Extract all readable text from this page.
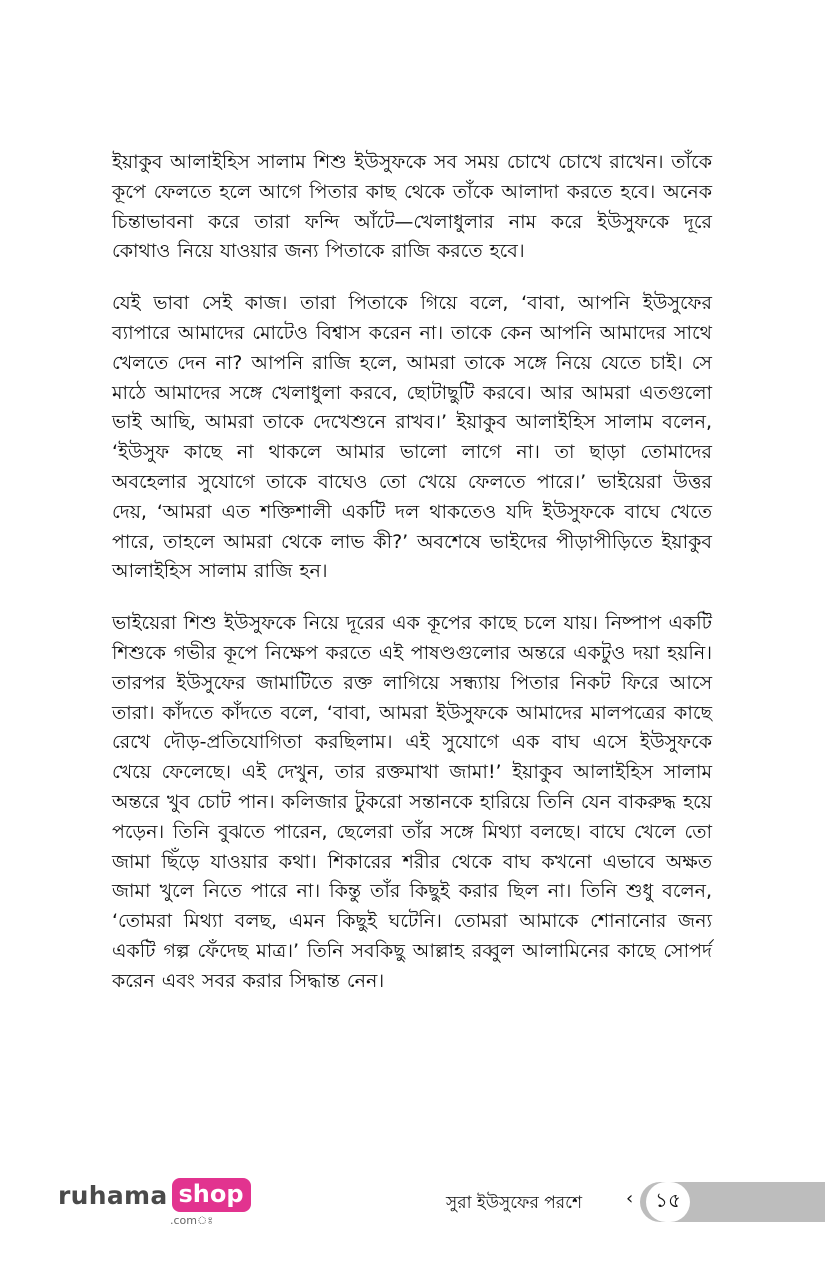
ইয়াকুব আলাইহিস সালাম শিশু ইউসুফকে সব সময় চোখে চোখে রাখেন। তাঁকে কূপে ফেলতে হলে আগে পিতার কাছ থেকে তাঁকে আলাদা করতে হবে। অনেক চিন্তাভাবনা করে তারা ফন্দি আঁটে—খেলাধুলার নাম করে ইউসুফকে দূরে কোথাও নিয়ে যাওয়ার জন্য পিতাকে রাজি করতে হবে।

যেই ভাবা সেই কাজ। তারা পিতাকে গিয়ে বলে, ‘বাবা, আপনি ইউসুফের ব্যাপারে আমাদের মোটেও বিশ্বাস করেন না। তাকে কেন আপনি আমাদের সাথে খেলতে দেন না? আপনি রাজি হলে, আমরা তাকে সঙ্গে নিয়ে যেতে চাই। সে মাঠে আমাদের সঙ্গে খেলাধুলা করবে, ছোটাছুটি করবে। আর আমরা এতগুলো ভাই আছি, আমরা তাকে দেখেশুনে রাখব।’ ইয়াকুব আলাইহিস সালাম বলেন, ‘ইউসুফ কাছে না থাকলে আমার ভালো লাগে না। তা ছাড়া তোমাদের অবহেলার সুযোগে তাকে বাঘেও তো খেয়ে ফেলতে পারে।’ ভাইয়েরা উত্তর দেয়, ‘আমরা এত শক্তিশালী একটি দল থাকতেও যদি ইউসুফকে বাঘে খেতে পারে, তাহলে আমরা থেকে লাভ কী?’ অবশেষে ভাইদের পীড়াপীড়িতে ইয়াকুব আলাইহিস সালাম রাজি হন।

ভাইয়েরা শিশু ইউসুফকে নিয়ে দূরের এক কূপের কাছে চলে যায়। নিষ্পাপ একটি শিশুকে গভীর কূপে নিক্ষেপ করতে এই পাষণ্ডগুলোর অন্তরে একটুও দয়া হয়নি। তারপর ইউসুফের জামাটিতে রক্ত লাগিয়ে সন্ধ্যায় পিতার নিকট ফিরে আসে তারা। কাঁদতে কাঁদতে বলে, ‘বাবা, আমরা ইউসুফকে আমাদের মালপত্রের কাছে রেখে দৌড়-প্রতিযোগিতা করছিলাম। এই সুযোগে এক বাঘ এসে ইউসুফকে খেয়ে ফেলেছে। এই দেখুন, তার রক্তমাখা জামা!’ ইয়াকুব আলাইহিস সালাম অন্তরে খুব চোট পান। কলিজার টুকরো সন্তানকে হারিয়ে তিনি যেন বাকরুদ্ধ হয়ে পড়েন। তিনি বুঝতে পারেন, ছেলেরা তাঁর সঙ্গে মিথ্যা বলছে। বাঘে খেলে তো জামা ছিঁড়ে যাওয়ার কথা। শিকারের শরীর থেকে বাঘ কখনো এভাবে অক্ষত জামা খুলে নিতে পারে না। কিন্তু তাঁর কিছুই করার ছিল না। তিনি শুধু বলেন, ‘তোমরা মিথ্যা বলছ, এমন কিছুই ঘটেনি। তোমরা আমাকে শোনানোর জন্য একটি গল্প ফেঁদেছ মাত্র।’ তিনি সবকিছু আল্লাহ রব্বুল আলামিনের কাছে সোপর্দ করেন এবং সবর করার সিদ্ধান্ত নেন।

ruhama shop
.comঃ
সুরা ইউসুফের পরশে ‹ ১৫
